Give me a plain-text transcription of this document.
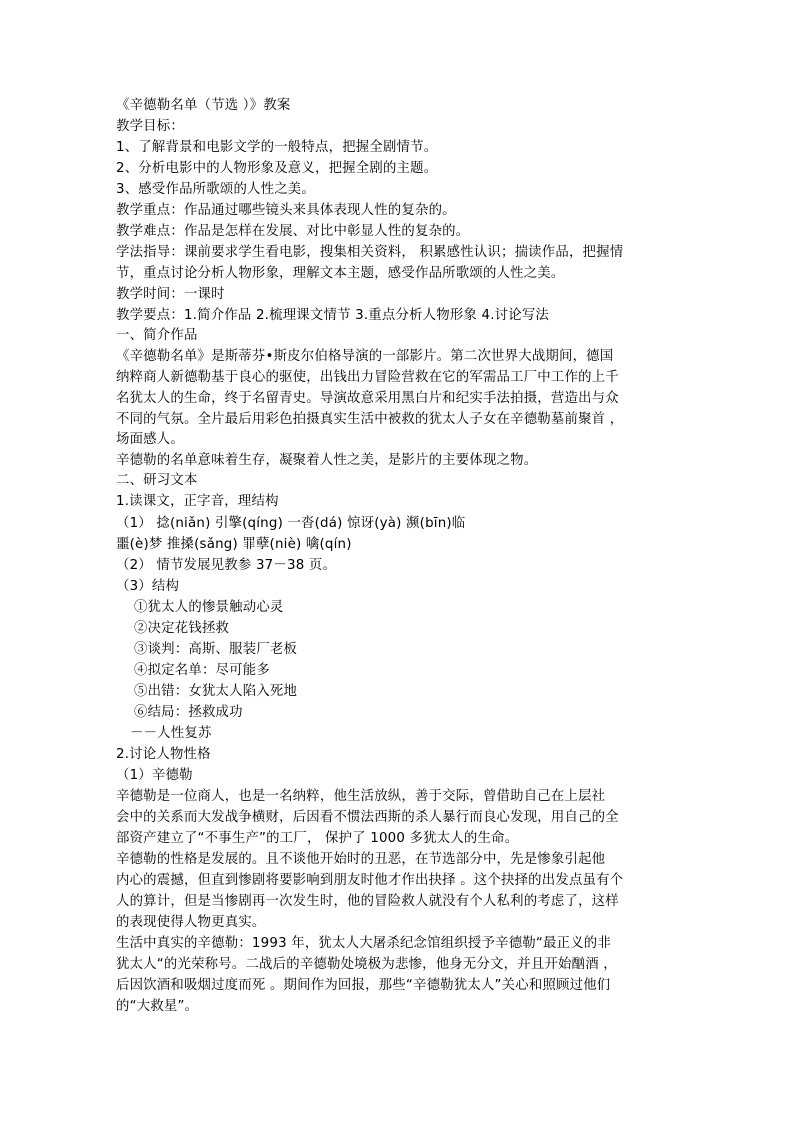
《辛德勒名单（节选 ）》教案
教学目标：
1、了解背景和电影文学的一般特点，把握全剧情节。
2、分析电影中的人物形象及意义，把握全剧的主题。
3、感受作品所歌颂的人性之美。
教学重点：作品通过哪些镜头来具体表现人性的复杂的。
教学难点：作品是怎样在发展、对比中彰显人性的复杂的。
学法指导：课前要求学生看电影，搜集相关资料， 积累感性认识；揣读作品，把握情
节，重点讨论分析人物形象，理解文本主题，感受作品所歌颂的人性之美。
教学时间：一课时
教学要点：1.简介作品 2.梳理课文情节 3.重点分析人物形象 4.讨论写法
一、简介作品
《辛德勒名单》是斯蒂芬•斯皮尔伯格导演的一部影片。第二次世界大战期间，德国
纳粹商人新德勒基于良心的驱使，出钱出力冒险营救在它的军需品工厂中工作的上千
名犹太人的生命，终于名留青史。导演故意采用黑白片和纪实手法拍摄，营造出与众
不同的气氛。全片最后用彩色拍摄真实生活中被救的犹太人子女在辛德勒墓前聚首 ，
场面感人。
辛德勒的名单意味着生存，凝聚着人性之美，是影片的主要体现之物。
二、研习文本
1.读课文，正字音，理结构
（1） 捻(niǎn) 引擎(qíng) 一沓(dá) 惊讶(yà) 濒(bīn)临
噩(è)梦 推搡(sǎng) 罪孽(niè) 噙(qín)
（2） 情节发展见教参 37－38 页。
（3）结构
①犹太人的惨景触动心灵
②决定花钱拯救
③谈判：高斯、服装厂老板
④拟定名单：尽可能多
⑤出错：女犹太人陷入死地
⑥结局：拯救成功
－－人性复苏
2.讨论人物性格
（1）辛德勒
辛德勒是一位商人，也是一名纳粹，他生活放纵，善于交际，曾借助自己在上层社
会中的关系而大发战争横财，后因看不惯法西斯的杀人暴行而良心发现，用自己的全
部资产建立了“不事生产”的工厂， 保护了 1000 多犹太人的生命。
辛德勒的性格是发展的。且不谈他开始时的丑恶，在节选部分中，先是惨象引起他
内心的震撼，但直到惨剧将要影响到朋友时他才作出抉择 。这个抉择的出发点虽有个
人的算计，但是当惨剧再一次发生时，他的冒险救人就没有个人私利的考虑了，这样
的表现使得人物更真实。
生活中真实的辛德勒：1993 年，犹太人大屠杀纪念馆组织授予辛德勒“最正义的非
犹太人“的光荣称号。二战后的辛德勒处境极为悲惨，他身无分文，并且开始酗酒 ，
后因饮酒和吸烟过度而死 。期间作为回报，那些“辛德勒犹太人”关心和照顾过他们
的“大救星”。
